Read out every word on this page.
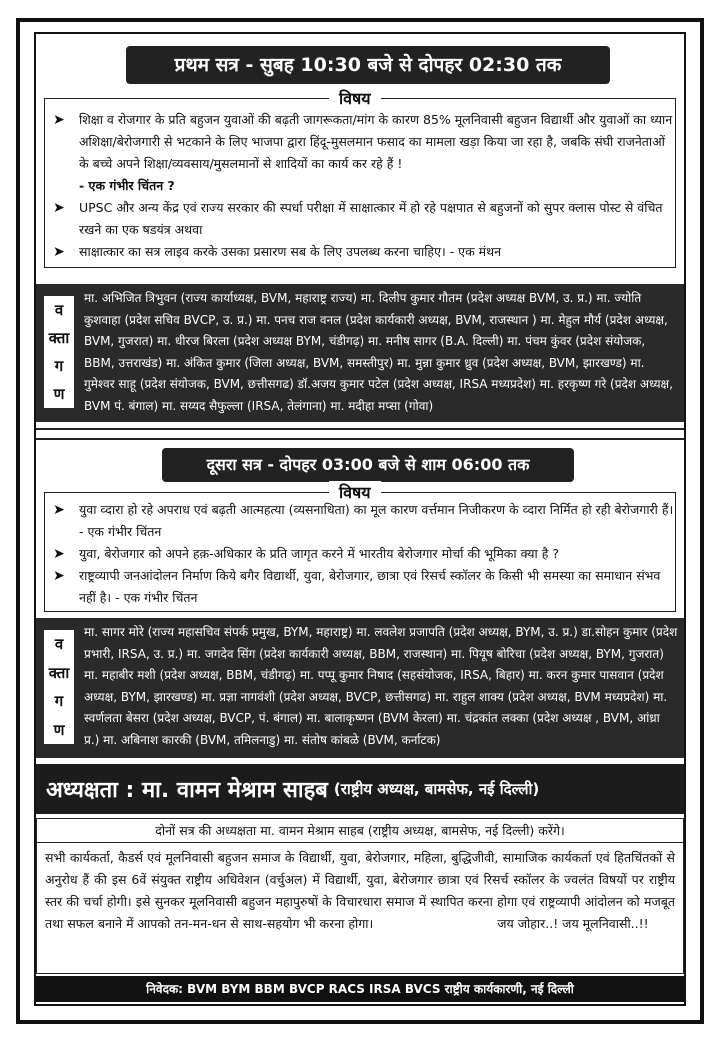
प्रथम सत्र - सुबह 10:30 बजे से दोपहर 02:30 तक
विषय
➤ शिक्षा व रोजगार के प्रति बहुजन युवाओं की बढ़ती जागरूकता/मांग के कारण 85% मूलनिवासी बहुजन विद्यार्थी और युवाओं का ध्यान अशिक्षा/बेरोजगारी से भटकाने के लिए भाजपा द्वारा हिंदू-मुसलमान फसाद का मामला खड़ा किया जा रहा है, जबकि संघी राजनेताओं के बच्चे अपने शिक्षा/व्यवसाय/मुसलमानों से शादियों का कार्य कर रहे हैं !
- एक गंभीर चिंतन ?
➤ UPSC और अन्य केंद्र एवं राज्य सरकार की स्पर्धा परीक्षा में साक्षात्कार में हो रहे पक्षपात से बहुजनों को सुपर क्लास पोस्ट से वंचित रखने का एक षडयंत्र अथवा
➤ साक्षात्कार का सत्र लाइव करके उसका प्रसारण सब के लिए उपलब्ध करना चाहिए। - एक मंथन
व
क्ता
ग
ण
मा. अभिजित त्रिभुवन (राज्य कार्याध्यक्ष, BVM, महाराष्ट्र राज्य) मा. दिलीप कुमार गौतम (प्रदेश अध्यक्ष BVM, उ. प्र.) मा. ज्योति कुशवाहा (प्रदेश सचिव BVCP, उ. प्र.) मा. पनच राज वनल (प्रदेश कार्यकारी अध्यक्ष, BVM, राजस्थान ) मा. मेहुल मौर्य (प्रदेश अध्यक्ष, BVM, गुजरात) मा. धीरज बिरला (प्रदेश अध्यक्ष BYM, चंडीगढ़) मा. मनीष सागर (B.A. दिल्ली) मा. पंचम कुंवर (प्रदेश संयोजक, BBM, उत्तराखंड) मा. अंकित कुमार (जिला अध्यक्ष, BVM, समस्तीपुर) मा. मुन्ना कुमार ध्रुव (प्रदेश अध्यक्ष, BVM, झारखण्ड) मा. गुमेश्वर साहू (प्रदेश संयोजक, BVM, छत्तीसगढ) डॉ.अजय कुमार पटेल (प्रदेश अध्यक्ष, IRSA मध्यप्रदेश) मा. हरकृष्ण गरे (प्रदेश अध्यक्ष, BVM पं. बंगाल) मा. सय्यद सैफुल्ला (IRSA, तेलंगाना) मा. मदीहा मप्सा (गोवा)
दूसरा सत्र - दोपहर 03:00 बजे से शाम 06:00 तक
विषय
➤ युवा व्दारा हो रहे अपराध एवं बढ़ती आत्महत्या (व्यसनाधिता) का मूल कारण वर्त्तमान निजीकरण के व्दारा निर्मित हो रही बेरोजगारी हैं। - एक गंभीर चिंतन
➤ युवा, बेरोजगार को अपने हक़-अधिकार के प्रति जागृत करने में भारतीय बेरोजगार मोर्चा की भूमिका क्या है ?
➤ राष्ट्रव्यापी जनआंदोलन निर्माण किये बगैर विद्यार्थी, युवा, बेरोजगार, छात्रा एवं रिसर्च स्कॉलर के किसी भी समस्या का समाधान संभव नहीं है। - एक गंभीर चिंतन
व
क्ता
ग
ण
मा. सागर मोरे (राज्य महासचिव संपर्क प्रमुख, BYM, महाराष्ट्र) मा. लवलेश प्रजापति (प्रदेश अध्यक्ष, BYM, उ. प्र.) डा.सोहन कुमार (प्रदेश प्रभारी, IRSA, उ. प्र.) मा. जगदेव सिंग (प्रदेश कार्यकारी अध्यक्ष, BBM, राजस्थान) मा. पियूष बोरिचा (प्रदेश अध्यक्ष, BYM, गुजरात) मा. महाबीर मशी (प्रदेश अध्यक्ष, BBM, चंडीगढ़) मा. पप्पू कुमार निषाद (सहसंयोजक, IRSA, बिहार) मा. करन कुमार पासवान (प्रदेश अध्यक्ष, BYM, झारखण्ड) मा. प्रज्ञा नागवंशी (प्रदेश अध्यक्ष, BVCP, छत्तीसगढ) मा. राहुल शाक्य (प्रदेश अध्यक्ष, BVM मध्यप्रदेश) मा. स्वर्णलता बेसरा (प्रदेश अध्यक्ष, BVCP, पं. बंगाल) मा. बालाकृष्णन (BVM केरला) मा. चंद्रकांत लक्का (प्रदेश अध्यक्ष , BVM, आंध्रा प्र.) मा. अबिनाश कारकी (BVM, तमिलनाडु) मा. संतोष कांबळे (BVM, कर्नाटक)
अध्यक्षता : मा. वामन मेश्राम साहब (राष्ट्रीय अध्यक्ष, बामसेफ, नई दिल्ली)
दोनों सत्र की अध्यक्षता मा. वामन मेश्राम साहब (राष्ट्रीय अध्यक्ष, बामसेफ, नई दिल्ली) करेंगे।
सभी कार्यकर्ता, कैडर्स एवं मूलनिवासी बहुजन समाज के विद्यार्थी, युवा, बेरोजगार, महिला, बुद्धिजीवी, सामाजिक कार्यकर्ता एवं हितचिंतकों से अनुरोध हैं की इस 6वें संयुक्त राष्ट्रीय अधिवेशन (वर्चुअल) में विद्यार्थी, युवा, बेरोजगार छात्रा एवं रिसर्च स्कॉलर के ज्वलंत विषयों पर राष्ट्रीय स्तर की चर्चा होगी। इसे सुनकर मूलनिवासी बहुजन महापुरुषों के विचारधारा समाज में स्थापित करना होगा एवं राष्ट्रव्यापी आंदोलन को मजबूत तथा सफल बनाने में आपको तन-मन-धन से साथ-सहयोग भी करना होगा।	जय जोहार..! जय मूलनिवासी..!!
निवेदक: BVM BYM BBM BVCP RACS IRSA BVCS राष्ट्रीय कार्यकारणी, नई दिल्ली
